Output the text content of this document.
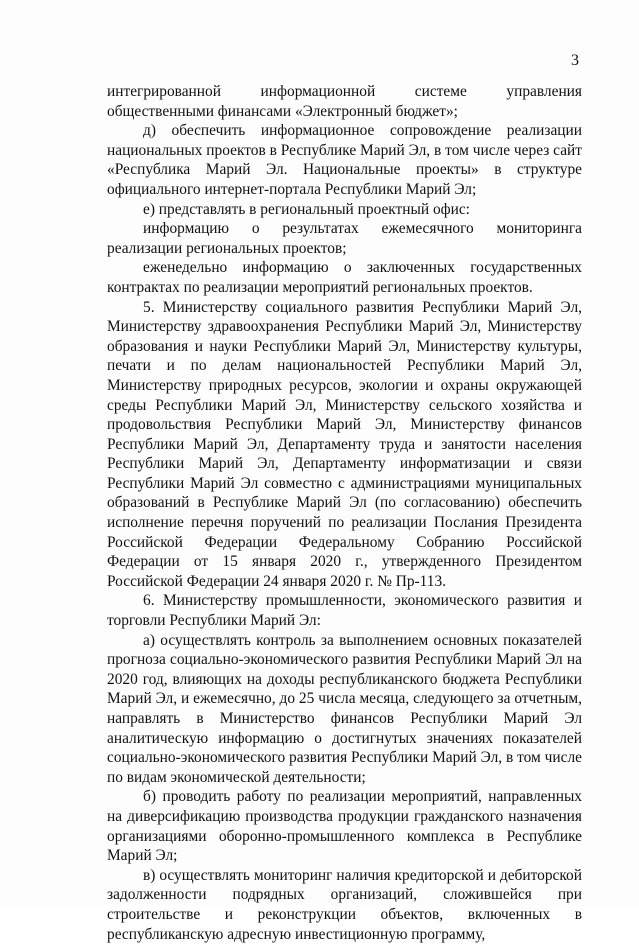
3

интегрированной информационной системе управления общественными финансами «Электронный бюджет»;

д) обеспечить информационное сопровождение реализации национальных проектов в Республике Марий Эл, в том числе через сайт «Республика Марий Эл. Национальные проекты» в структуре официального интернет-портала Республики Марий Эл;

е) представлять в региональный проектный офис:

информацию о результатах ежемесячного мониторинга реализации региональных проектов;

еженедельно информацию о заключенных государственных контрактах по реализации мероприятий региональных проектов.

5. Министерству социального развития Республики Марий Эл, Министерству здравоохранения Республики Марий Эл, Министерству образования и науки Республики Марий Эл, Министерству культуры, печати и по делам национальностей Республики Марий Эл, Министерству природных ресурсов, экологии и охраны окружающей среды Республики Марий Эл, Министерству сельского хозяйства и продовольствия Республики Марий Эл, Министерству финансов Республики Марий Эл, Департаменту труда и занятости населения Республики Марий Эл, Департаменту информатизации и связи Республики Марий Эл совместно с администрациями муниципальных образований в Республике Марий Эл (по согласованию) обеспечить исполнение перечня поручений по реализации Послания Президента Российской Федерации Федеральному Собранию Российской Федерации от 15 января 2020 г., утвержденного Президентом Российской Федерации 24 января 2020 г. № Пр-113.

6. Министерству промышленности, экономического развития и торговли Республики Марий Эл:

а) осуществлять контроль за выполнением основных показателей прогноза социально-экономического развития Республики Марий Эл на 2020 год, влияющих на доходы республиканского бюджета Республики Марий Эл, и ежемесячно, до 25 числа месяца, следующего за отчетным, направлять в Министерство финансов Республики Марий Эл аналитическую информацию о достигнутых значениях показателей социально-экономического развития Республики Марий Эл, в том числе по видам экономической деятельности;

б) проводить работу по реализации мероприятий, направленных на диверсификацию производства продукции гражданского назначения организациями оборонно-промышленного комплекса в Республике Марий Эл;

в) осуществлять мониторинг наличия кредиторской и дебиторской задолженности подрядных организаций, сложившейся при строительстве и реконструкции объектов, включенных в республиканскую адресную инвестиционную программу,
